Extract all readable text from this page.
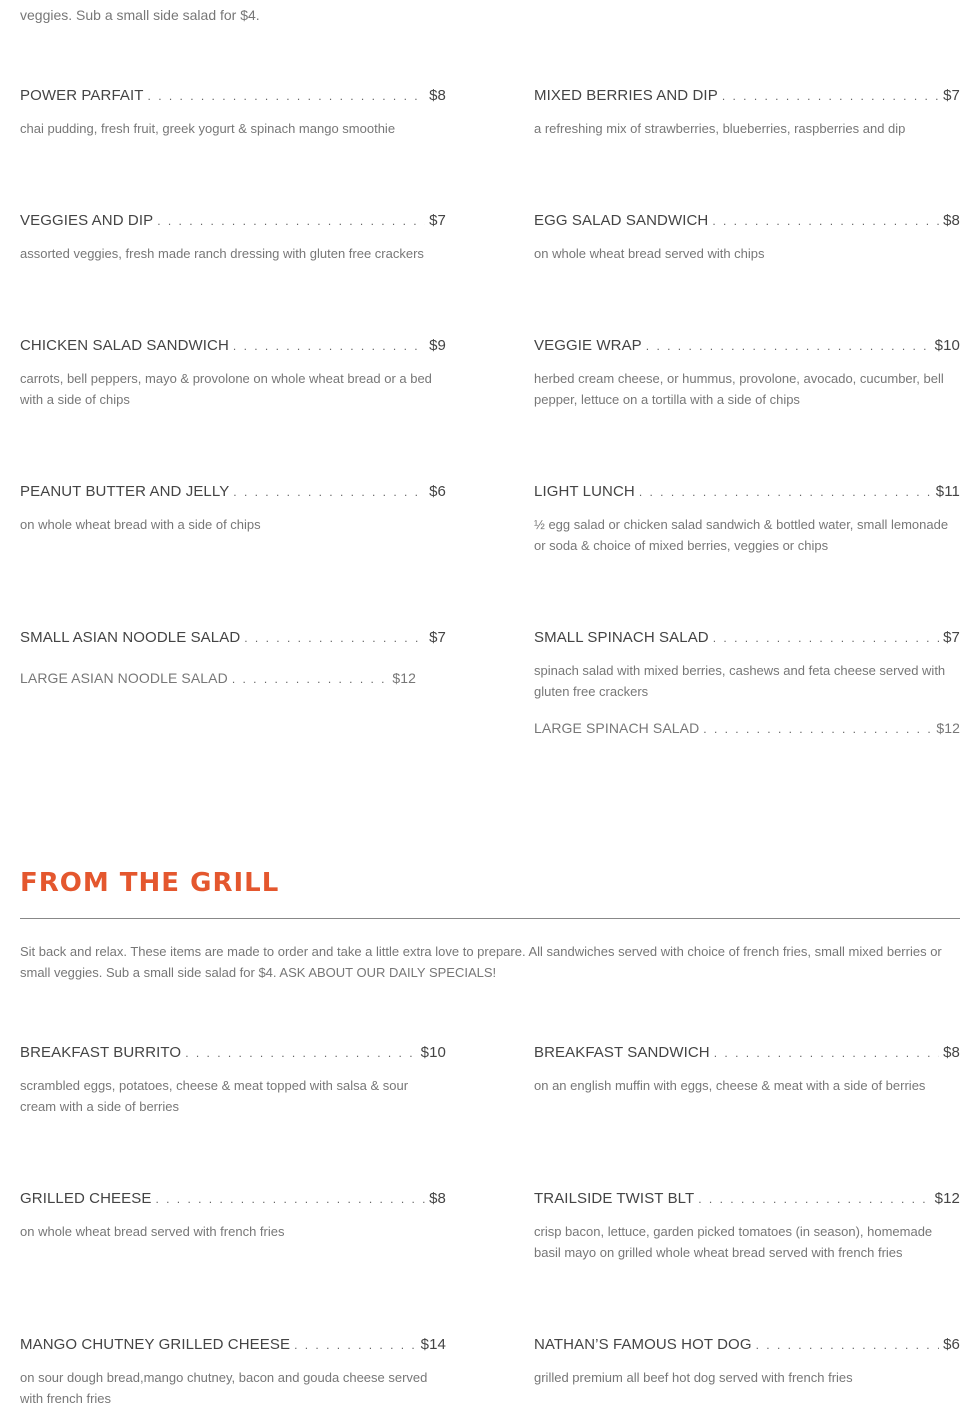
veggies. Sub a small side salad for $4.
POWER PARFAIT . . .	$8
chai pudding, fresh fruit, greek yogurt & spinach mango smoothie
MIXED BERRIES AND DIP . . .	$7
a refreshing mix of strawberries, blueberries, raspberries and dip
VEGGIES AND DIP . . .	$7
assorted veggies, fresh made ranch dressing with gluten free crackers
EGG SALAD SANDWICH . . .	$8
on whole wheat bread served with chips
CHICKEN SALAD SANDWICH . . .	$9
carrots, bell peppers, mayo & provolone on whole wheat bread or a bed with a side of chips
VEGGIE WRAP . . .	$10
herbed cream cheese, or hummus, provolone, avocado, cucumber, bell pepper, lettuce on a tortilla with a side of chips
PEANUT BUTTER AND JELLY . . .	$6
on whole wheat bread with a side of chips
LIGHT LUNCH . . .	$11
½ egg salad or chicken salad sandwich & bottled water, small lemonade or soda & choice of mixed berries, veggies or chips
SMALL ASIAN NOODLE SALAD . . .	$7
LARGE ASIAN NOODLE SALAD . . .	$12
SMALL SPINACH SALAD . . .	$7
spinach salad with mixed berries, cashews and feta cheese served with gluten free crackers
LARGE SPINACH SALAD . . .	$12
FROM THE GRILL
Sit back and relax. These items are made to order and take a little extra love to prepare. All sandwiches served with choice of french fries, small mixed berries or small veggies. Sub a small side salad for $4. ASK ABOUT OUR DAILY SPECIALS!
BREAKFAST BURRITO . . .	$10
scrambled eggs, potatoes, cheese & meat topped with salsa & sour cream with a side of berries
BREAKFAST SANDWICH . . .	$8
on an english muffin with eggs, cheese & meat with a side of berries
GRILLED CHEESE . . .	$8
on whole wheat bread served with french fries
TRAILSIDE TWIST BLT . . .	$12
crisp bacon, lettuce, garden picked tomatoes (in season), homemade basil mayo on grilled whole wheat bread served with french fries
MANGO CHUTNEY GRILLED CHEESE . . .	$14
on sour dough bread,mango chutney, bacon and gouda cheese served with french fries
NATHAN’S FAMOUS HOT DOG . . .	$6
grilled premium all beef hot dog served with french fries
